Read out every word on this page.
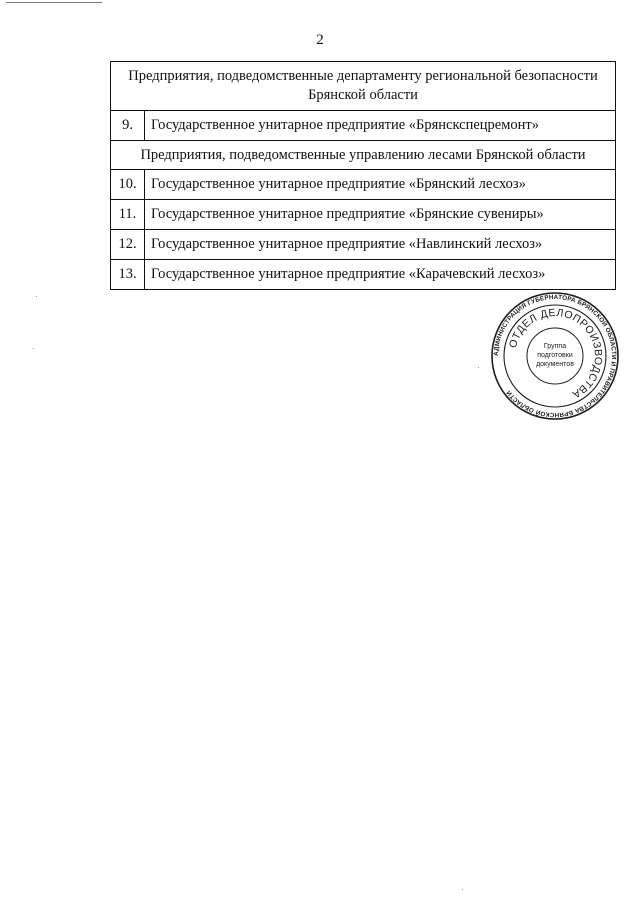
2
Предприятия, подведомственные департаменту региональной безопасности Брянской области	
9.	Государственное унитарное предприятие «Брянскспецремонт»
Предприятия, подведомственные управлению лесами Брянской области	
10.	Государственное унитарное предприятие «Брянский лесхоз»
11.	Государственное унитарное предприятие «Брянские сувениры»
12.	Государственное унитарное предприятие «Навлинский лесхоз»
13.	Государственное унитарное предприятие «Карачевский лесхоз»
АДМИНИСТРАЦИЯ ГУБЕРНАТОРА БРЯНСКОЙ ОБЛАСТИ И ПРАВИТЕЛЬСТВА БРЯНСКОЙ ОБЛАСТИ
ОТДЕЛ ДЕЛОПРОИЗВОДСТВА
Группа
подготовки
документов
